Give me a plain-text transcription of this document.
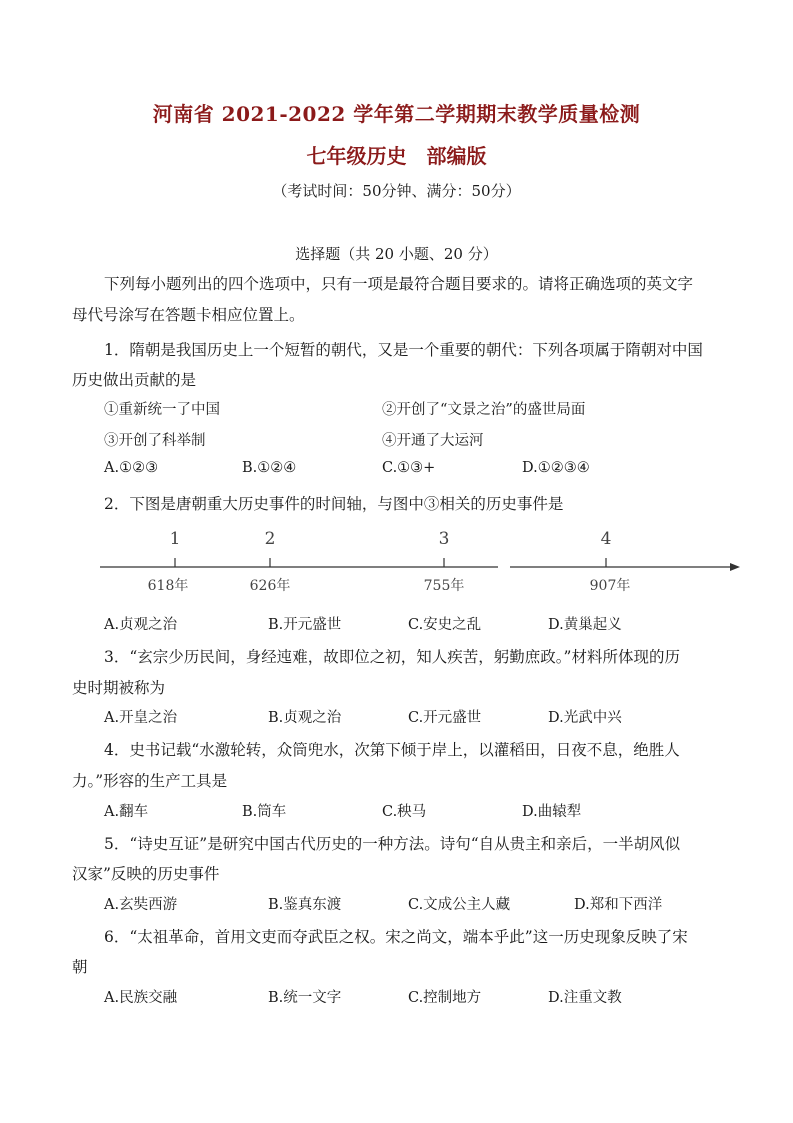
河南省 2021-2022 学年第二学期期末教学质量检测
七年级历史　部编版
（考试时间：50分钟、满分：50分）
选择题（共 20 小题、20 分）
下列每小题列出的四个选项中，只有一项是最符合题目要求的。请将正确选项的英文字
母代号涂写在答题卡相应位置上。
1．隋朝是我国历史上一个短暂的朝代，又是一个重要的朝代：下列各项属于隋朝对中国
历史做出贡献的是
①重新统一了中国	②开创了“文景之治”的盛世局面
③开创了科举制	④开通了大运河
A.①②③	B.①②④	C.①③+	D.①②③④
2．下图是唐朝重大历史事件的时间轴，与图中③相关的历史事件是
1	2	3	4
618年	626年	755年	907年
A.贞观之治	B.开元盛世	C.安史之乱	D.黄巢起义
3．“玄宗少历民间，身经迍难，故即位之初，知人疾苦，躬勤庶政。”材料所体现的历
史时期被称为
A.开皇之治	B.贞观之治	C.开元盛世	D.光武中兴
4．史书记载“水激轮转，众筒兜水，次第下倾于岸上，以灌稻田，日夜不息，绝胜人
力。”形容的生产工具是
A.翻车	B.筒车	C.秧马	D.曲辕犁
5．“诗史互证”是研究中国古代历史的一种方法。诗句“自从贵主和亲后，一半胡风似
汉家”反映的历史事件
A.玄奘西游	B.鉴真东渡	C.文成公主人藏	D.郑和下西洋
6．“太祖革命，首用文吏而夺武臣之权。宋之尚文，端本乎此”这一历史现象反映了宋
朝
A.民族交融	B.统一文字	C.控制地方	D.注重文教
